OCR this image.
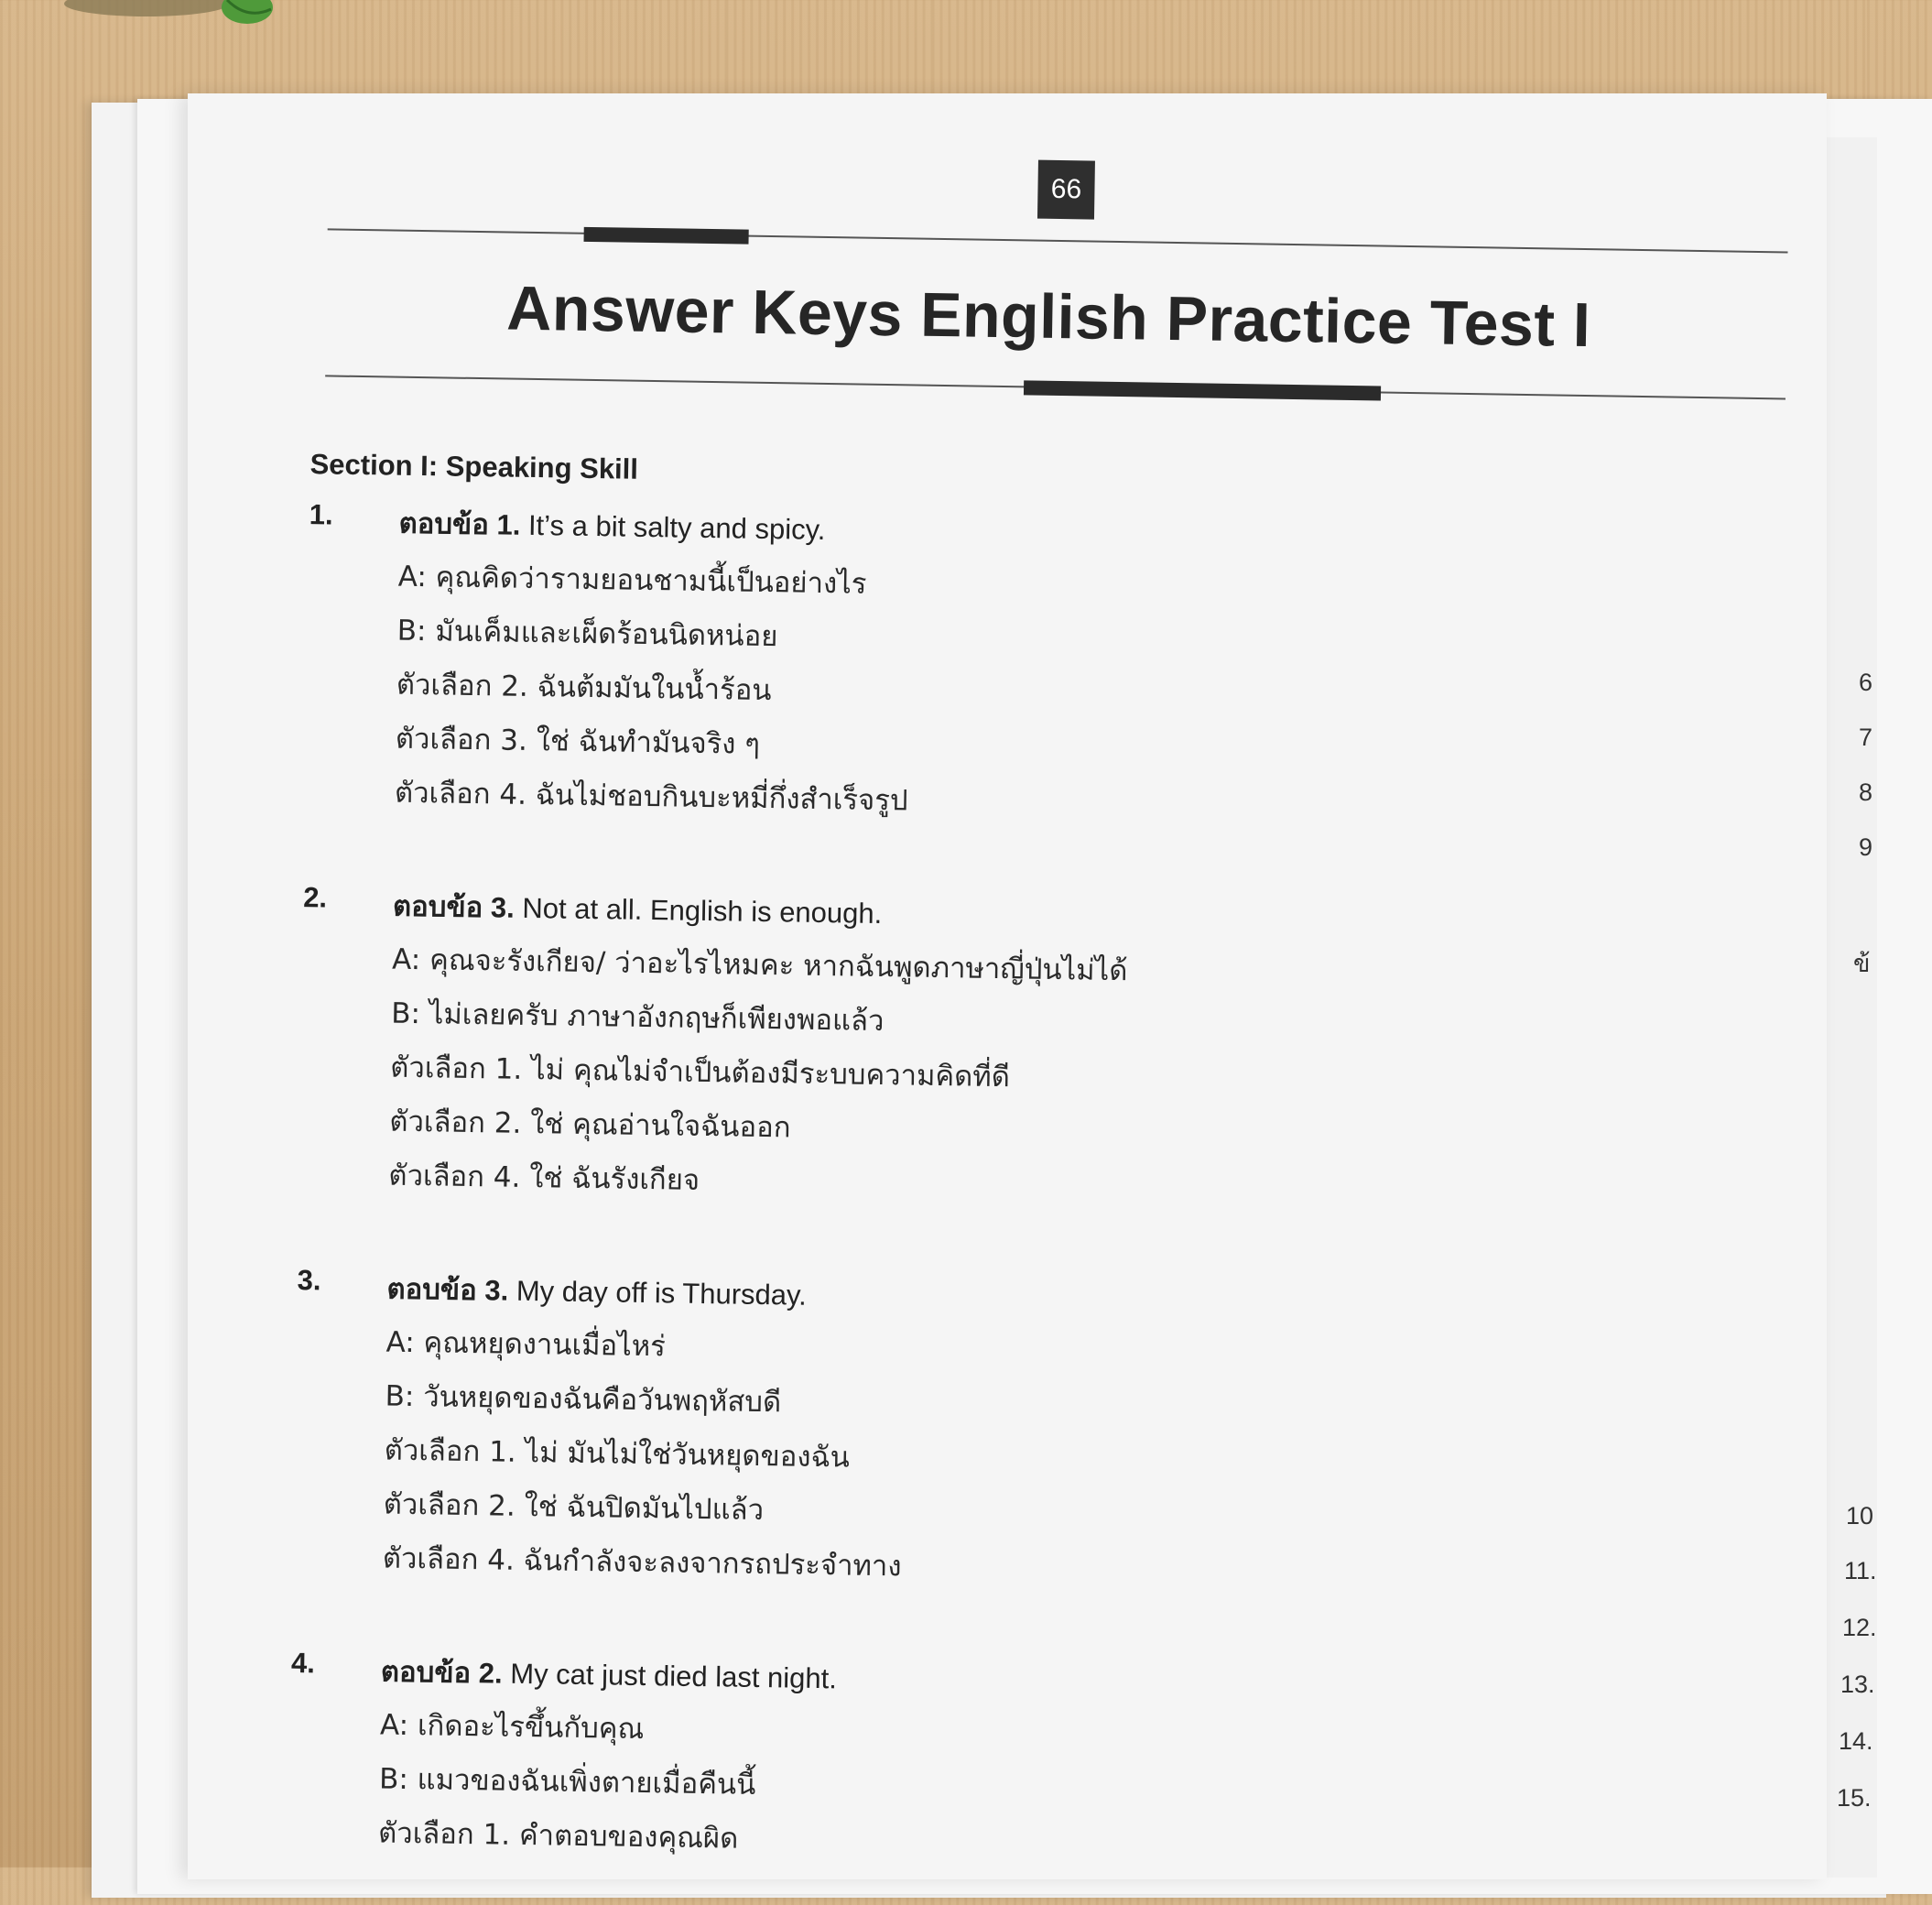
6
7
8
9
ข้
10
11.
12.
13.
14.
15.
66
Answer Keys English Practice Test I
Section I: Speaking Skill
1. ตอบข้อ 1. It’s a bit salty and spicy.
A: คุณคิดว่ารามยอนชามนี้เป็นอย่างไร
B: มันเค็มและเผ็ดร้อนนิดหน่อย
ตัวเลือก 2. ฉันต้มมันในน้ำร้อน
ตัวเลือก 3. ใช่ ฉันทำมันจริง ๆ
ตัวเลือก 4. ฉันไม่ชอบกินบะหมี่กึ่งสำเร็จรูป
2. ตอบข้อ 3. Not at all. English is enough.
A: คุณจะรังเกียจ/ ว่าอะไรไหมคะ หากฉันพูดภาษาญี่ปุ่นไม่ได้
B: ไม่เลยครับ ภาษาอังกฤษก็เพียงพอแล้ว
ตัวเลือก 1. ไม่ คุณไม่จำเป็นต้องมีระบบความคิดที่ดี
ตัวเลือก 2. ใช่ คุณอ่านใจฉันออก
ตัวเลือก 4. ใช่ ฉันรังเกียจ
3. ตอบข้อ 3. My day off is Thursday.
A: คุณหยุดงานเมื่อไหร่
B: วันหยุดของฉันคือวันพฤหัสบดี
ตัวเลือก 1. ไม่ มันไม่ใช่วันหยุดของฉัน
ตัวเลือก 2. ใช่ ฉันปิดมันไปแล้ว
ตัวเลือก 4. ฉันกำลังจะลงจากรถประจำทาง
4. ตอบข้อ 2. My cat just died last night.
A: เกิดอะไรขึ้นกับคุณ
B: แมวของฉันเพิ่งตายเมื่อคืนนี้
ตัวเลือก 1. คำตอบของคุณผิด
